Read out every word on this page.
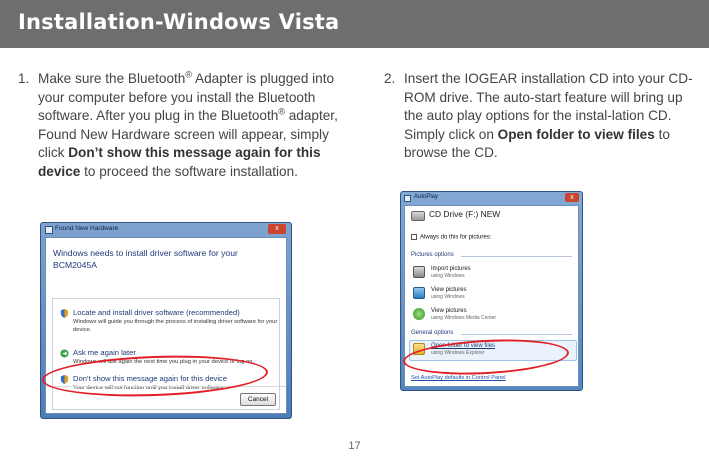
Installation-Windows Vista
1. Make sure the Bluetooth® Adapter is plugged into your computer before you install the Bluetooth software. After you plug in the Bluetooth® adapter, Found New Hardware screen will appear, simply click Don’t show this message again for this device to proceed the software installation.
2. Insert the IOGEAR installation CD into your CD-ROM drive. The auto-start feature will bring up the auto play options for the instal-lation CD. Simply click on Open folder to view files to browse the CD.
Found New Hardware	x
Windows needs to install driver software for your BCM2045A
Locate and install driver software (recommended)
Windows will guide you through the process of installing driver software for your device.
Ask me again later
Windows will ask again the next time you plug in your device or log on.
Don’t show this message again for this device
Your device will not function until you install driver software.
Cancel
AutoPlay	x
CD Drive (F:) NEW
Always do this for pictures:
Pictures options
Import pictures
using Windows
View pictures
using Windows
View pictures
using Windows Media Center
General options
Open folder to view files
using Windows Explorer
Set AutoPlay defaults in Control Panel
17
